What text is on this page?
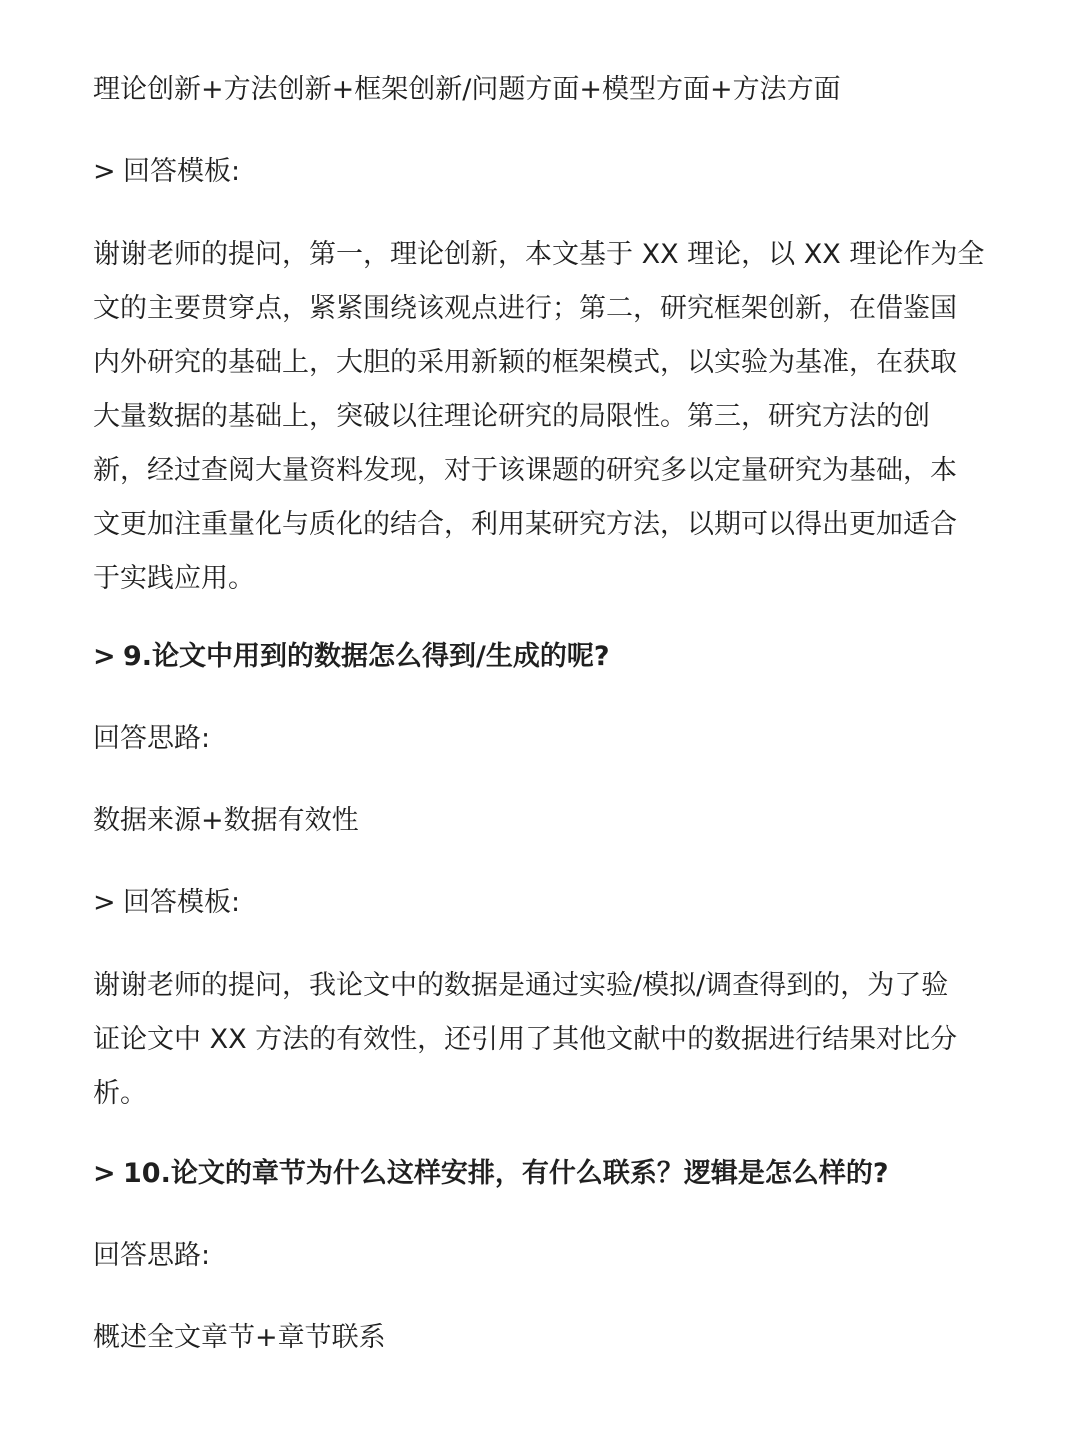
理论创新+方法创新+框架创新/问题方面+模型方面+方法方面
> 回答模板:
谢谢老师的提问，第一，理论创新，本文基于 XX 理论，以 XX 理论作为全
文的主要贯穿点，紧紧围绕该观点进行；第二，研究框架创新，在借鉴国
内外研究的基础上，大胆的采用新颖的框架模式，以实验为基准，在获取
大量数据的基础上，突破以往理论研究的局限性。第三，研究方法的创
新，经过查阅大量资料发现，对于该课题的研究多以定量研究为基础，本
文更加注重量化与质化的结合，利用某研究方法，以期可以得出更加适合
于实践应用。
> 9.论文中用到的数据怎么得到/生成的呢?
回答思路:
数据来源+数据有效性
> 回答模板:
谢谢老师的提问，我论文中的数据是通过实验/模拟/调查得到的，为了验
证论文中 XX 方法的有效性，还引用了其他文献中的数据进行结果对比分
析。
> 10.论文的章节为什么这样安排，有什么联系？逻辑是怎么样的?
回答思路:
概述全文章节+章节联系
